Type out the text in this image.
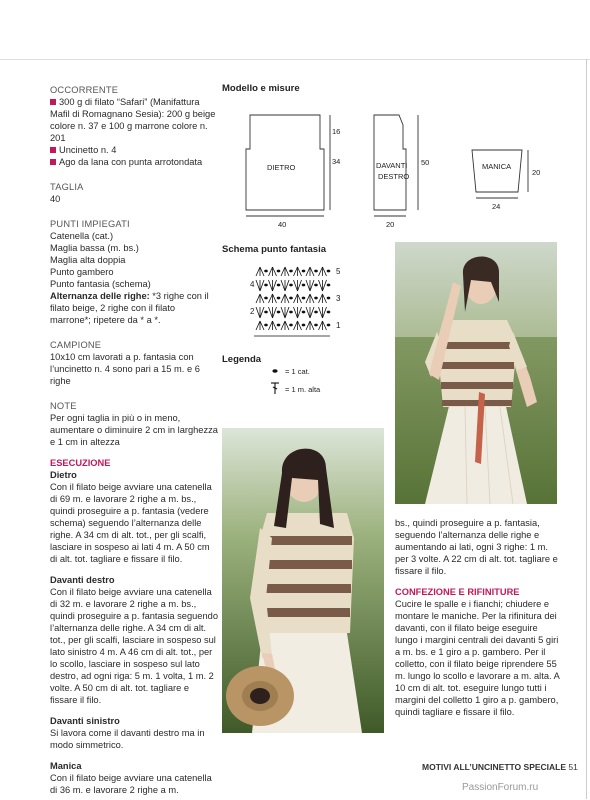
OCCORRENTE

300 g di filato “Safari” (Manifattura Mafil di Romagnano Sesia): 200 g beige colore n. 37 e 100 g marrone colore n. 201

Uncinetto n. 4

Ago da lana con punta arrotondata

TAGLIA

40

PUNTI IMPIEGATI

Catenella (cat.)

Maglia bassa (m. bs.)

Maglia alta doppia

Punto gambero

Punto fantasia (schema)

Alternanza delle righe: *3 righe con il filato beige, 2 righe con il filato marrone*; ripetere da * a *.

CAMPIONE

10x10 cm lavorati a p. fantasia con l’uncinetto n. 4 sono pari a 15 m. e 6 righe

NOTE

Per ogni taglia in più o in meno, aumentare o diminuire 2 cm in larghezza e 1 cm in altezza

ESECUZIONE

Dietro

Con il filato beige avviare una catenella di 69 m. e lavorare 2 righe a m. bs., quindi proseguire a p. fantasia (vedere schema) seguendo l’alternanza delle righe. A 34 cm di alt. tot., per gli scalfi, lasciare in sospeso ai lati 4 m. A 50 cm di alt. tot. tagliare e fissare il filo.

Davanti destro

Con il filato beige avviare una catenella di 32 m. e lavorare 2 righe a m. bs., quindi proseguire a p. fantasia seguendo l’alternanza delle righe. A 34 cm di alt. tot., per gli scalfi, lasciare in sospeso sul lato sinistro 4 m. A 46 cm di alt. tot., per lo scollo, lasciare in sospeso sul lato destro, ad ogni riga: 5 m. 1 volta, 1 m. 2 volte. A 50 cm di alt. tot. tagliare e fissare il filo.

Davanti sinistro

Si lavora come il davanti destro ma in modo simmetrico.

Manica

Con il filato beige avviare una catenella di 36 m. e lavorare 2 righe a m.

Modello e misure
DIETRO
16
34
40
DAVANTI
DESTRO
50
20
MANICA
20
24
Schema punto fantasia
5
3
1
4
2
Legenda
= 1 cat.
= 1 m. alta

bs., quindi proseguire a p. fantasia, seguendo l’alternanza delle righe e aumentando ai lati, ogni 3 righe: 1 m. per 3 volte. A 22 cm di alt. tot. tagliare e fissare il filo.

CONFEZIONE E RIFINITURE

Cucire le spalle e i fianchi; chiudere e montare le maniche. Per la rifinitura dei davanti, con il filato beige eseguire lungo i margini centrali dei davanti 5 giri a m. bs. e 1 giro a p. gambero. Per il colletto, con il filato beige riprendere 55 m. lungo lo scollo e lavorare a m. alta. A 10 cm di alt. tot. eseguire lungo tutti i margini del colletto 1 giro a p. gambero, quindi tagliare e fissare il filo.

MOTIVI ALL’UNCINETTO SPECIALE 51
PassionForum.ru
